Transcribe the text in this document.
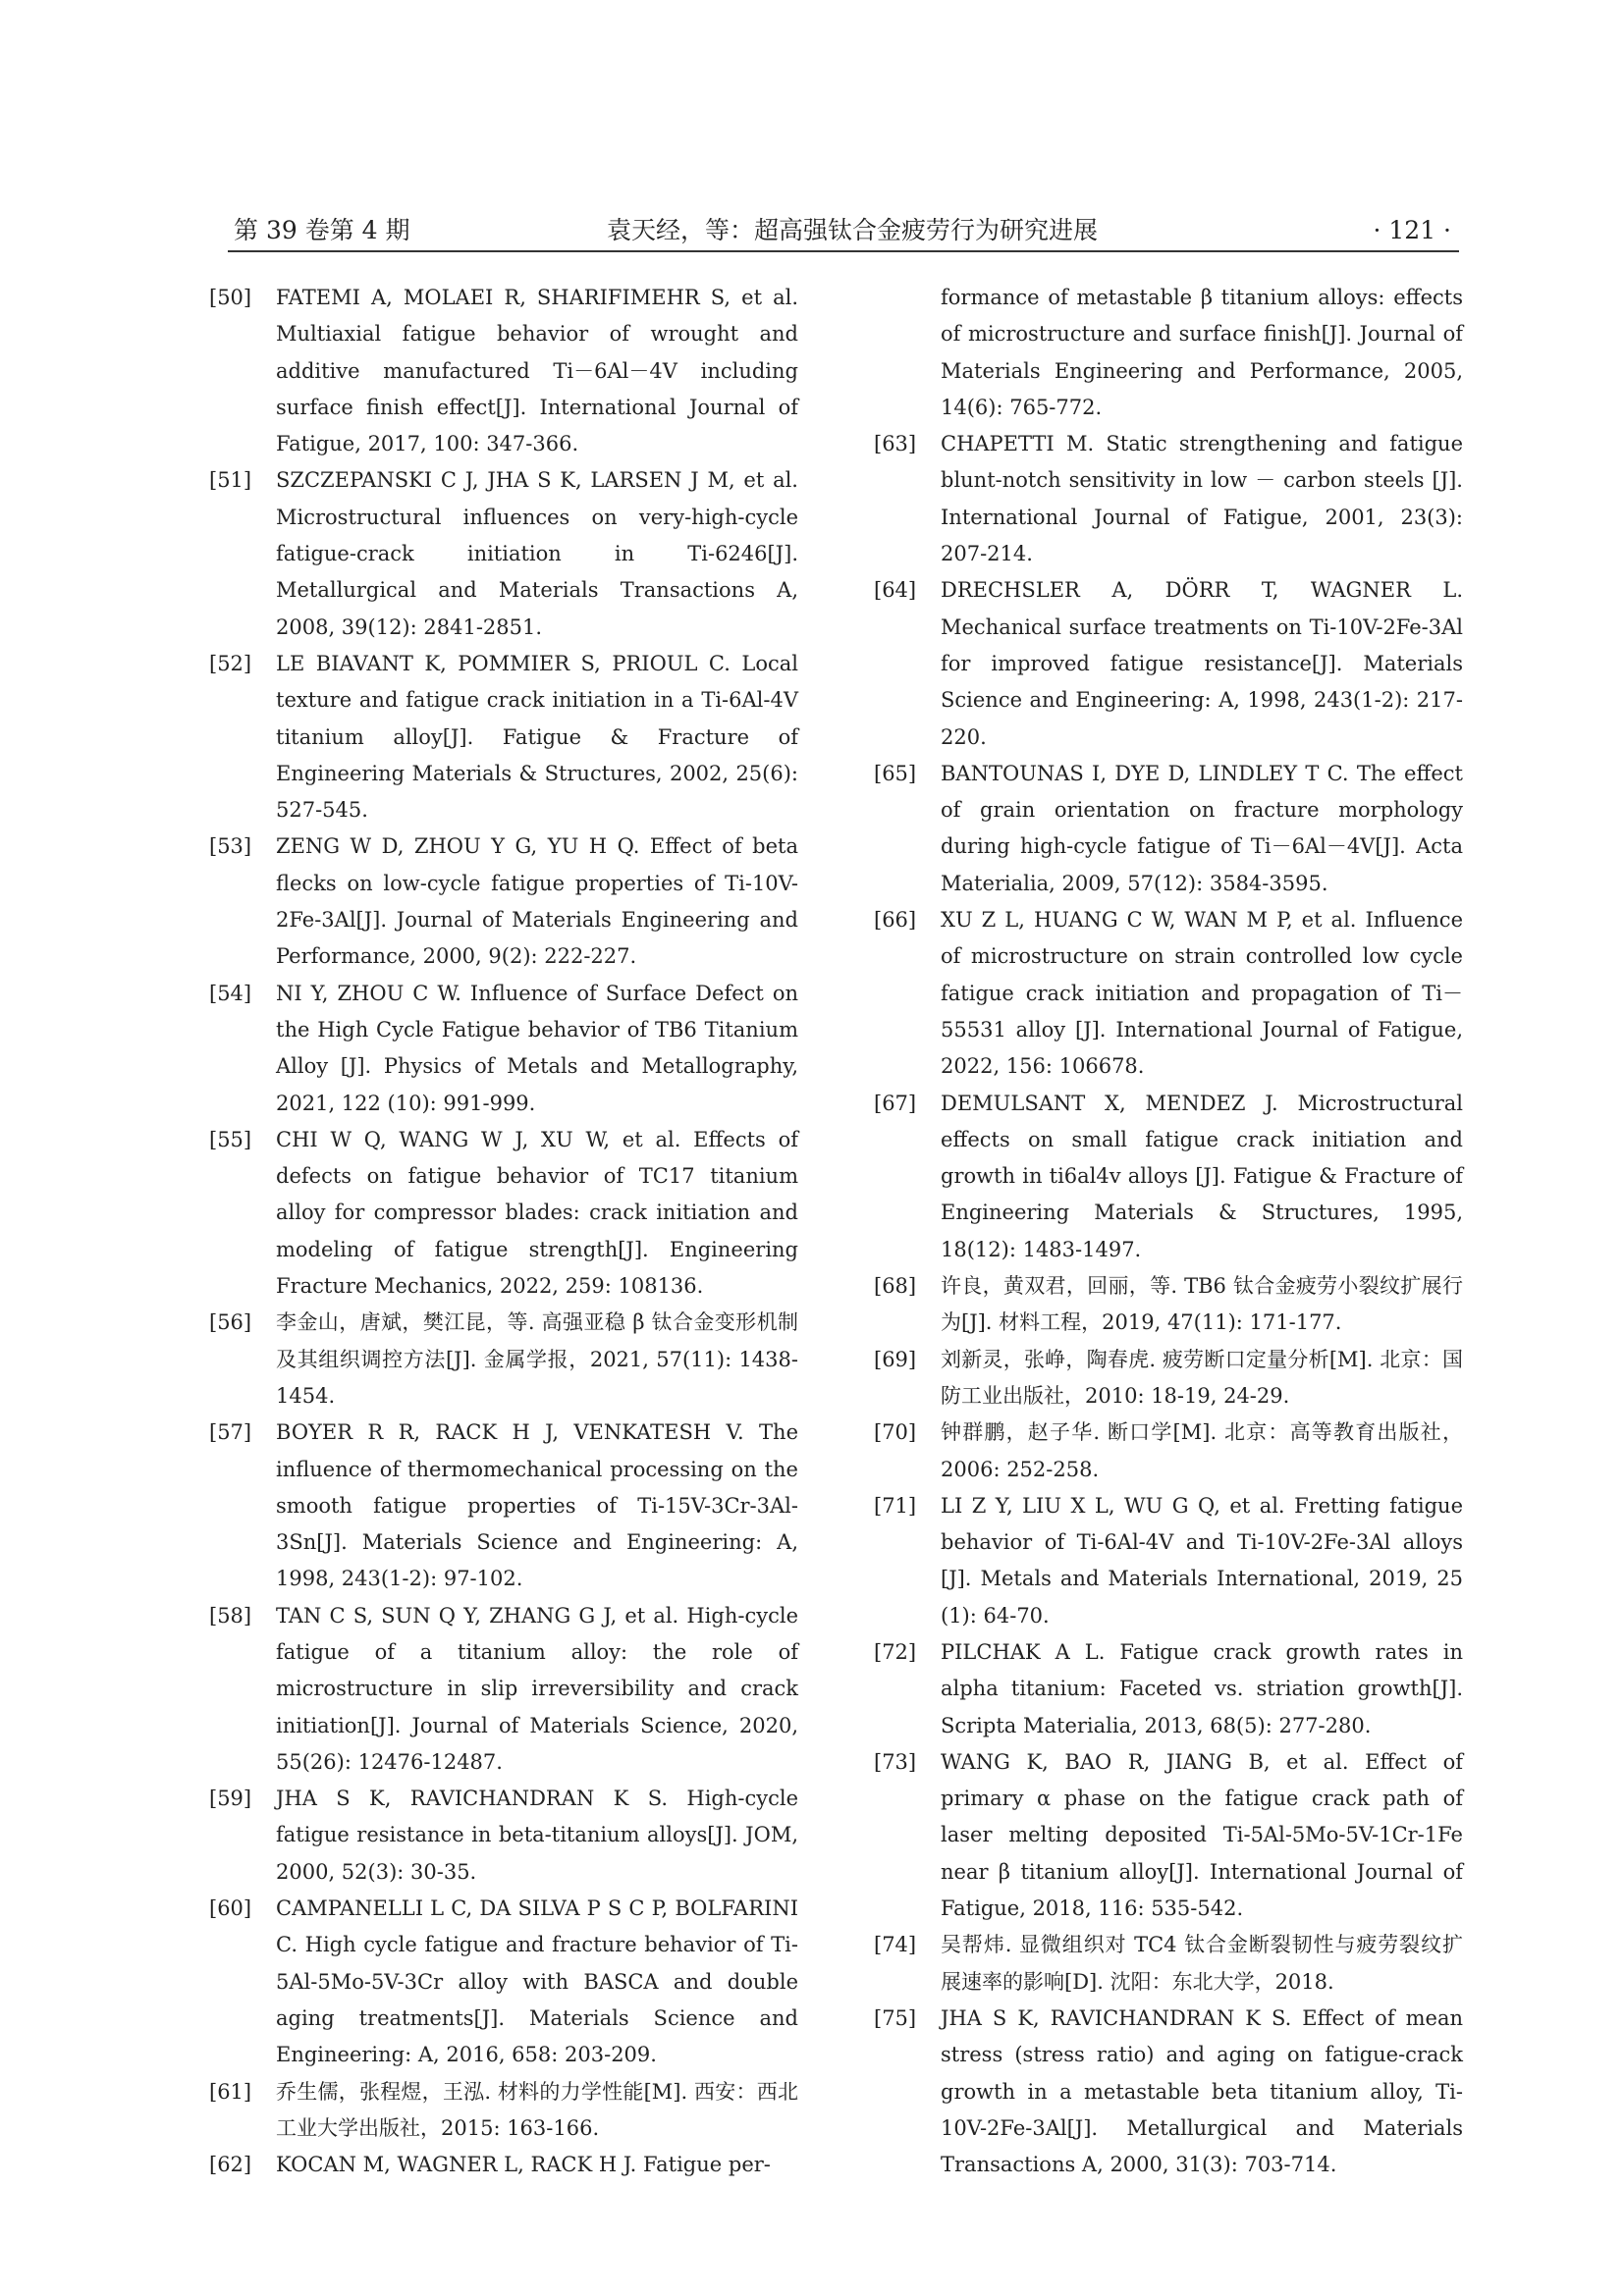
第 39 卷第 4 期	袁天经，等：超高强钛合金疲劳行为研究进展	· 121 ·
[50] FATEMI A, MOLAEI R, SHARIFIMEHR S, et al. Multiaxial fatigue behavior of wrought and additive manufactured Ti－6Al－4V including surface finish effect[J]. International Journal of Fatigue, 2017, 100: 347-366.
[51] SZCZEPANSKI C J, JHA S K, LARSEN J M, et al. Microstructural influences on very-high-cycle fatigue-crack initiation in Ti-6246[J]. Metallurgical and Materials Transactions A, 2008, 39(12): 2841-2851.
[52] LE BIAVANT K, POMMIER S, PRIOUL C. Local texture and fatigue crack initiation in a Ti-6Al-4V titanium alloy[J]. Fatigue & Fracture of Engineering Materials & Structures, 2002, 25(6): 527-545.
[53] ZENG W D, ZHOU Y G, YU H Q. Effect of beta flecks on low-cycle fatigue properties of Ti-10V-2Fe-3Al[J]. Journal of Materials Engineering and Performance, 2000, 9(2): 222-227.
[54] NI Y, ZHOU C W. Influence of Surface Defect on the High Cycle Fatigue behavior of TB6 Titanium Alloy [J]. Physics of Metals and Metallography, 2021, 122 (10): 991-999.
[55] CHI W Q, WANG W J, XU W, et al. Effects of defects on fatigue behavior of TC17 titanium alloy for compressor blades: crack initiation and modeling of fatigue strength[J]. Engineering Fracture Mechanics, 2022, 259: 108136.
[56] 李金山，唐斌，樊江昆，等. 高强亚稳 β 钛合金变形机制及其组织调控方法[J]. 金属学报，2021, 57(11): 1438-1454.
[57] BOYER R R, RACK H J, VENKATESH V. The influence of thermomechanical processing on the smooth fatigue properties of Ti-15V-3Cr-3Al-3Sn[J]. Materials Science and Engineering: A, 1998, 243(1-2): 97-102.
[58] TAN C S, SUN Q Y, ZHANG G J, et al. High-cycle fatigue of a titanium alloy: the role of microstructure in slip irreversibility and crack initiation[J]. Journal of Materials Science, 2020, 55(26): 12476-12487.
[59] JHA S K, RAVICHANDRAN K S. High-cycle fatigue resistance in beta-titanium alloys[J]. JOM, 2000, 52(3): 30-35.
[60] CAMPANELLI L C, DA SILVA P S C P, BOLFARINI C. High cycle fatigue and fracture behavior of Ti-5Al-5Mo-5V-3Cr alloy with BASCA and double aging treatments[J]. Materials Science and Engineering: A, 2016, 658: 203-209.
[61] 乔生儒，张程煜，王泓. 材料的力学性能[M]. 西安：西北工业大学出版社，2015: 163-166.
[62] KOCAN M, WAGNER L, RACK H J. Fatigue per-
formance of metastable β titanium alloys: effects of microstructure and surface finish[J]. Journal of Materials Engineering and Performance, 2005, 14(6): 765-772.
[63] CHAPETTI M. Static strengthening and fatigue blunt-notch sensitivity in low － carbon steels [J]. International Journal of Fatigue, 2001, 23(3): 207-214.
[64] DRECHSLER A, DÖRR T, WAGNER L. Mechanical surface treatments on Ti-10V-2Fe-3Al for improved fatigue resistance[J]. Materials Science and Engineering: A, 1998, 243(1-2): 217-220.
[65] BANTOUNAS I, DYE D, LINDLEY T C. The effect of grain orientation on fracture morphology during high-cycle fatigue of Ti－6Al－4V[J]. Acta Materialia, 2009, 57(12): 3584-3595.
[66] XU Z L, HUANG C W, WAN M P, et al. Influence of microstructure on strain controlled low cycle fatigue crack initiation and propagation of Ti－55531 alloy [J]. International Journal of Fatigue, 2022, 156: 106678.
[67] DEMULSANT X, MENDEZ J. Microstructural effects on small fatigue crack initiation and growth in ti6al4v alloys [J]. Fatigue & Fracture of Engineering Materials & Structures, 1995, 18(12): 1483-1497.
[68] 许良，黄双君，回丽，等. TB6 钛合金疲劳小裂纹扩展行为[J]. 材料工程，2019, 47(11): 171-177.
[69] 刘新灵，张峥，陶春虎. 疲劳断口定量分析[M]. 北京：国防工业出版社，2010: 18-19, 24-29.
[70] 钟群鹏，赵子华. 断口学[M]. 北京：高等教育出版社，2006: 252-258.
[71] LI Z Y, LIU X L, WU G Q, et al. Fretting fatigue behavior of Ti-6Al-4V and Ti-10V-2Fe-3Al alloys [J]. Metals and Materials International, 2019, 25 (1): 64-70.
[72] PILCHAK A L. Fatigue crack growth rates in alpha titanium: Faceted vs. striation growth[J]. Scripta Materialia, 2013, 68(5): 277-280.
[73] WANG K, BAO R, JIANG B, et al. Effect of primary α phase on the fatigue crack path of laser melting deposited Ti-5Al-5Mo-5V-1Cr-1Fe near β titanium alloy[J]. International Journal of Fatigue, 2018, 116: 535-542.
[74] 吴帮炜. 显微组织对 TC4 钛合金断裂韧性与疲劳裂纹扩展速率的影响[D]. 沈阳：东北大学，2018.
[75] JHA S K, RAVICHANDRAN K S. Effect of mean stress (stress ratio) and aging on fatigue-crack growth in a metastable beta titanium alloy, Ti-10V-2Fe-3Al[J]. Metallurgical and Materials Transactions A, 2000, 31(3): 703-714.
